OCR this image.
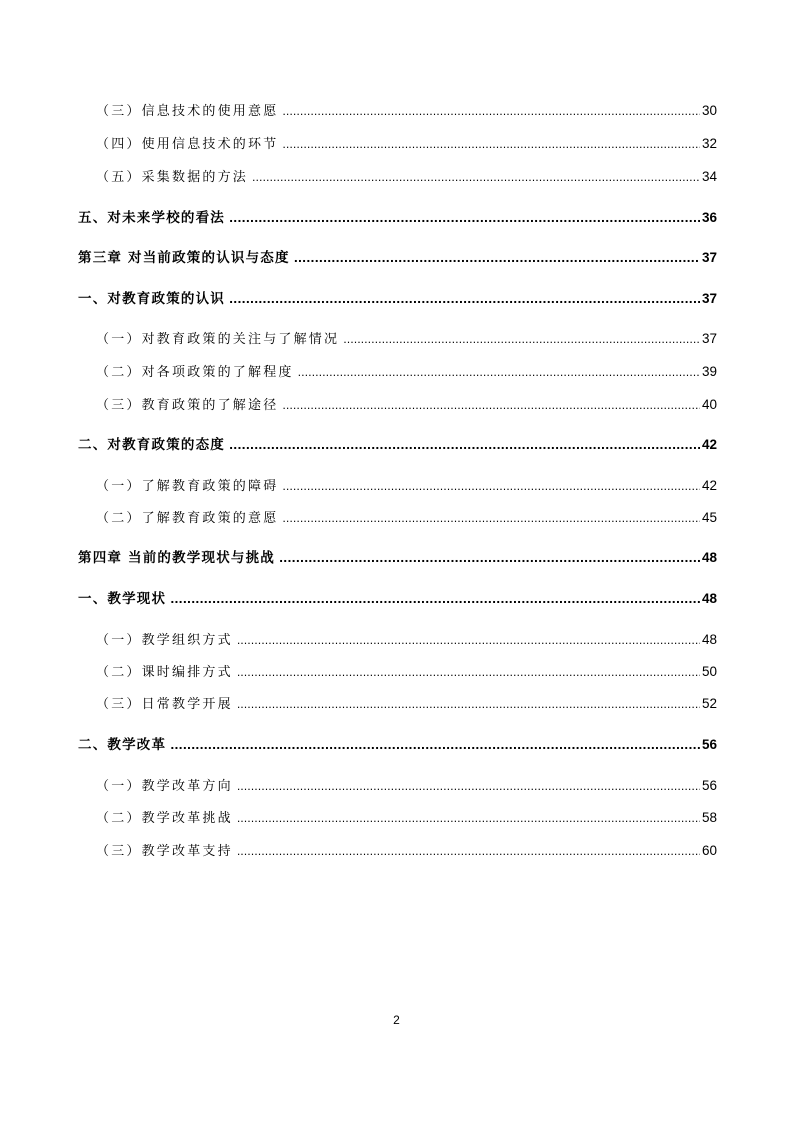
（三）信息技术的使用意愿 .....	30
（四）使用信息技术的环节 .....	32
（五）采集数据的方法 .....	34
五、对未来学校的看法 .....	36
第三章 对当前政策的认识与态度 .....	37
一、对教育政策的认识 .....	37
（一）对教育政策的关注与了解情况 .....	37
（二）对各项政策的了解程度 .....	39
（三）教育政策的了解途径 .....	40
二、对教育政策的态度 .....	42
（一）了解教育政策的障碍 .....	42
（二）了解教育政策的意愿 .....	45
第四章 当前的教学现状与挑战 .....	48
一、教学现状 .....	48
（一）教学组织方式 .....	48
（二）课时编排方式 .....	50
（三）日常教学开展 .....	52
二、教学改革 .....	56
（一）教学改革方向 .....	56
（二）教学改革挑战 .....	58
（三）教学改革支持 .....	60
2
